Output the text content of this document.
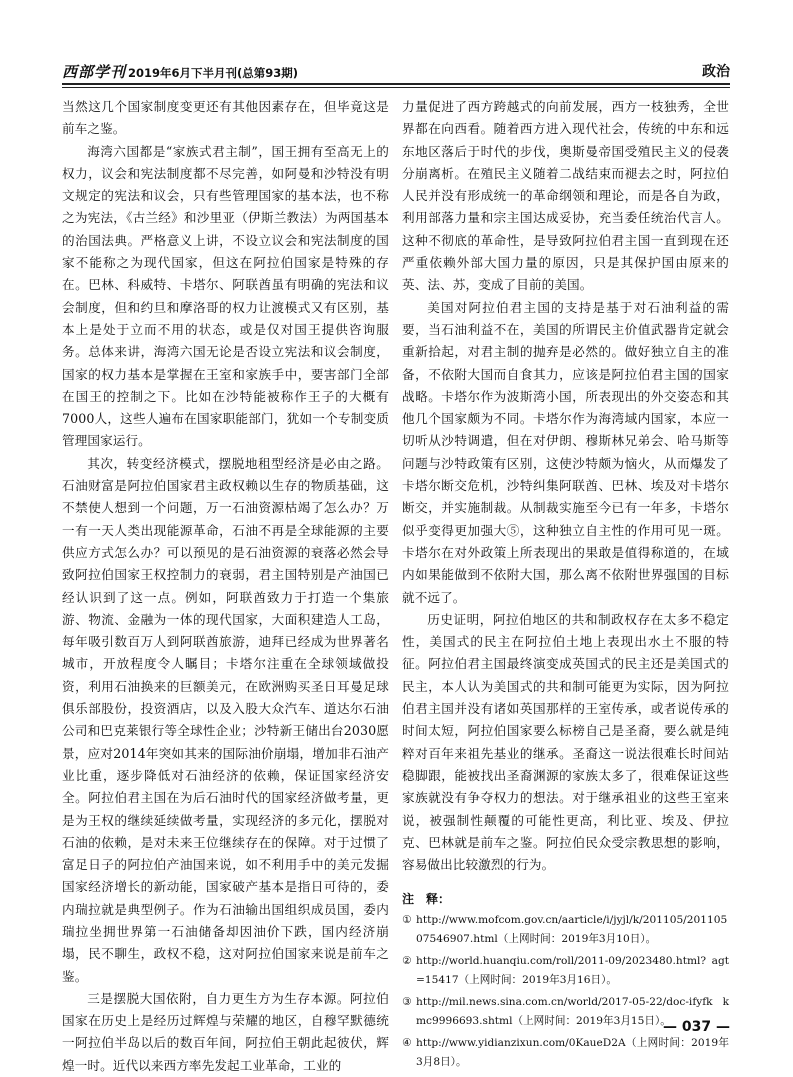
西部学刊 2019年6月下半月刊(总第93期)	政治

当然这几个国家制度变更还有其他因素存在，但毕竟这是前车之鉴。

海湾六国都是“家族式君主制”，国王拥有至高无上的权力，议会和宪法制度都不尽完善，如阿曼和沙特没有明文规定的宪法和议会，只有些管理国家的基本法，也不称之为宪法，《古兰经》和沙里亚（伊斯兰教法）为两国基本的治国法典。严格意义上讲，不设立议会和宪法制度的国家不能称之为现代国家，但这在阿拉伯国家是特殊的存在。巴林、科威特、卡塔尔、阿联酋虽有明确的宪法和议会制度，但和约旦和摩洛哥的权力让渡模式又有区别，基本上是处于立而不用的状态，或是仅对国王提供咨询服务。总体来讲，海湾六国无论是否设立宪法和议会制度，国家的权力基本是掌握在王室和家族手中，要害部门全部在国王的控制之下。比如在沙特能被称作王子的大概有7000人，这些人遍布在国家职能部门，犹如一个专制变质管理国家运行。

其次，转变经济模式，摆脱地租型经济是必由之路。石油财富是阿拉伯国家君主政权赖以生存的物质基础，这不禁使人想到一个问题，万一石油资源枯竭了怎么办？万一有一天人类出现能源革命，石油不再是全球能源的主要供应方式怎么办？可以预见的是石油资源的衰落必然会导致阿拉伯国家王权控制力的衰弱，君主国特别是产油国已经认识到了这一点。例如，阿联酋致力于打造一个集旅游、物流、金融为一体的现代国家，大面积建造人工岛，每年吸引数百万人到阿联酋旅游，迪拜已经成为世界著名城市，开放程度令人瞩目；卡塔尔注重在全球领域做投资，利用石油换来的巨额美元，在欧洲购买圣日耳曼足球俱乐部股份，投资酒店，以及入股大众汽车、道达尔石油公司和巴克莱银行等全球性企业；沙特新王储出台2030愿景，应对2014年突如其来的国际油价崩塌，增加非石油产业比重，逐步降低对石油经济的依赖，保证国家经济安全。阿拉伯君主国在为后石油时代的国家经济做考量，更是为王权的继续延续做考量，实现经济的多元化，摆脱对石油的依赖，是对未来王位继续存在的保障。对于过惯了富足日子的阿拉伯产油国来说，如不利用手中的美元发掘国家经济增长的新动能，国家破产基本是指日可待的，委内瑞拉就是典型例子。作为石油输出国组织成员国，委内瑞拉坐拥世界第一石油储备却因油价下跌，国内经济崩塌，民不聊生，政权不稳，这对阿拉伯国家来说是前车之鉴。

三是摆脱大国依附，自力更生方为生存本源。阿拉伯国家在历史上是经历过辉煌与荣耀的地区，自穆罕默德统一阿拉伯半岛以后的数百年间，阿拉伯王朝此起彼伏，辉煌一时。近代以来西方率先发起工业革命，工业的

力量促进了西方跨越式的向前发展，西方一枝独秀，全世界都在向西看。随着西方进入现代社会，传统的中东和远东地区落后于时代的步伐，奥斯曼帝国受殖民主义的侵袭分崩离析。在殖民主义随着二战结束而褪去之时，阿拉伯人民并没有形成统一的革命纲领和理论，而是各自为政，利用部落力量和宗主国达成妥协，充当委任统治代言人。这种不彻底的革命性，是导致阿拉伯君主国一直到现在还严重依赖外部大国力量的原因，只是其保护国由原来的英、法、苏，变成了目前的美国。

美国对阿拉伯君主国的支持是基于对石油利益的需要，当石油利益不在，美国的所谓民主价值武器肯定就会重新拾起，对君主制的抛弃是必然的。做好独立自主的准备，不依附大国而自食其力，应该是阿拉伯君主国的国家战略。卡塔尔作为波斯湾小国，所表现出的外交姿态和其他几个国家颇为不同。卡塔尔作为海湾域内国家，本应一切听从沙特调遣，但在对伊朗、穆斯林兄弟会、哈马斯等问题与沙特政策有区别，这使沙特颇为恼火，从而爆发了卡塔尔断交危机，沙特纠集阿联酋、巴林、埃及对卡塔尔断交，并实施制裁。从制裁实施至今已有一年多，卡塔尔似乎变得更加强大⑤，这种独立自主性的作用可见一斑。卡塔尔在对外政策上所表现出的果敢是值得称道的，在域内如果能做到不依附大国，那么离不依附世界强国的目标就不远了。

历史证明，阿拉伯地区的共和制政权存在太多不稳定性，美国式的民主在阿拉伯土地上表现出水土不服的特征。阿拉伯君主国最终演变成英国式的民主还是美国式的民主，本人认为美国式的共和制可能更为实际，因为阿拉伯君主国并没有诸如英国那样的王室传承，或者说传承的时间太短，阿拉伯国家要么标榜自己是圣裔，要么就是纯粹对百年来祖先基业的继承。圣裔这一说法很难长时间站稳脚跟，能被找出圣裔渊源的家族太多了，很难保证这些家族就没有争夺权力的想法。对于继承祖业的这些王室来说，被强制性颠覆的可能性更高，利比亚、埃及、伊拉克、巴林就是前车之鉴。阿拉伯民众受宗教思想的影响，容易做出比较激烈的行为。

注　释：
① http://www.mofcom.gov.cn/aarticle/i/jyjl/k/201105/20110507546907.html（上网时间：2019年3月10日）。
② http://world.huanqiu.com/roll/2011-09/2023480.html? agt=15417（上网时间：2019年3月16日）。
③ http://mil.news.sina.com.cn/world/2017-05-22/doc-ifyfk kmc9996693.shtml（上网时间：2019年3月15日）。
④ http://www.yidianzixun.com/0KaueD2A（上网时间：2019年3月8日）。
— 037 —
